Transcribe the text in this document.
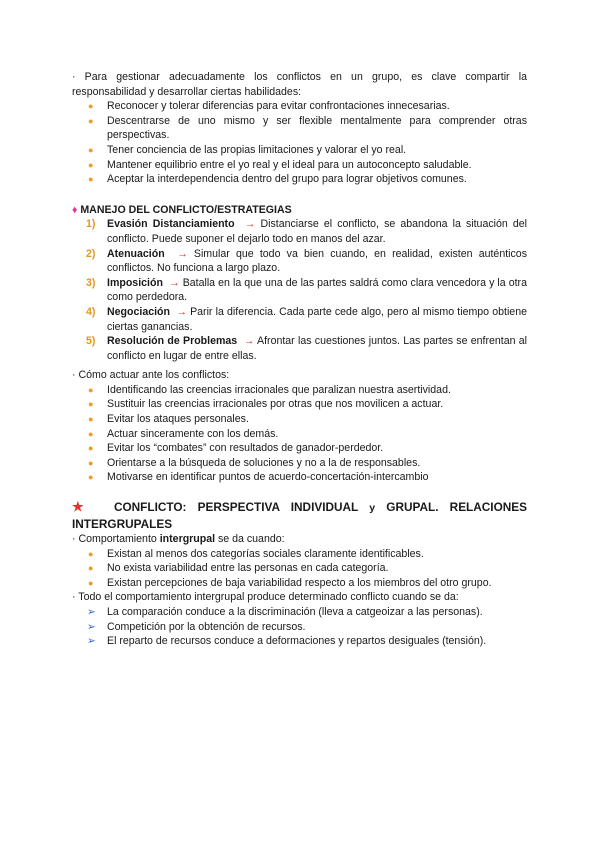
· Para gestionar adecuadamente los conflictos en un grupo, es clave compartir la responsabilidad y desarrollar ciertas habilidades:

● Reconocer y tolerar diferencias para evitar confrontaciones innecesarias.
● Descentrarse de uno mismo y ser flexible mentalmente para comprender otras perspectivas.
● Tener conciencia de las propias limitaciones y valorar el yo real.
● Mantener equilibrio entre el yo real y el ideal para un autoconcepto saludable.
● Aceptar la interdependencia dentro del grupo para lograr objetivos comunes.
♦ MANEJO DEL CONFLICTO/ESTRATEGIAS
1) Evasión Distanciamiento → Distanciarse el conflicto, se abandona la situación del conflicto. Puede suponer el dejarlo todo en manos del azar.
2) Atenuación → Simular que todo va bien cuando, en realidad, existen auténticos conflictos. No funciona a largo plazo.
3) Imposición → Batalla en la que una de las partes saldrá como clara vencedora y la otra como perdedora.
4) Negociación → Parir la diferencia. Cada parte cede algo, pero al mismo tiempo obtiene ciertas ganancias.
5) Resolución de Problemas → Afrontar las cuestiones juntos. Las partes se enfrentan al conflicto en lugar de entre ellas.

· Cómo actuar ante los conflictos:

● Identificando las creencias irracionales que paralizan nuestra asertividad.
● Sustituir las creencias irracionales por otras que nos movilicen a actuar.
● Evitar los ataques personales.
● Actuar sinceramente con los demás.
● Evitar los “combates” con resultados de ganador-perdedor.
● Orientarse a la búsqueda de soluciones y no a la de responsables.
● Motivarse en identificar puntos de acuerdo-concertación-intercambio
★ CONFLICTO: PERSPECTIVA INDIVIDUAL y GRUPAL. RELACIONES INTERGRUPALES

· Comportamiento intergrupal se da cuando:

● Existan al menos dos categorías sociales claramente identificables.
● No exista variabilidad entre las personas en cada categoría.
● Existan percepciones de baja variabilidad respecto a los miembros del otro grupo.

· Todo el comportamiento intergrupal produce determinado conflicto cuando se da:

➢ La comparación conduce a la discriminación (lleva a catgeoizar a las personas).
➢ Competición por la obtención de recursos.
➢ El reparto de recursos conduce a deformaciones y repartos desiguales (tensión).
